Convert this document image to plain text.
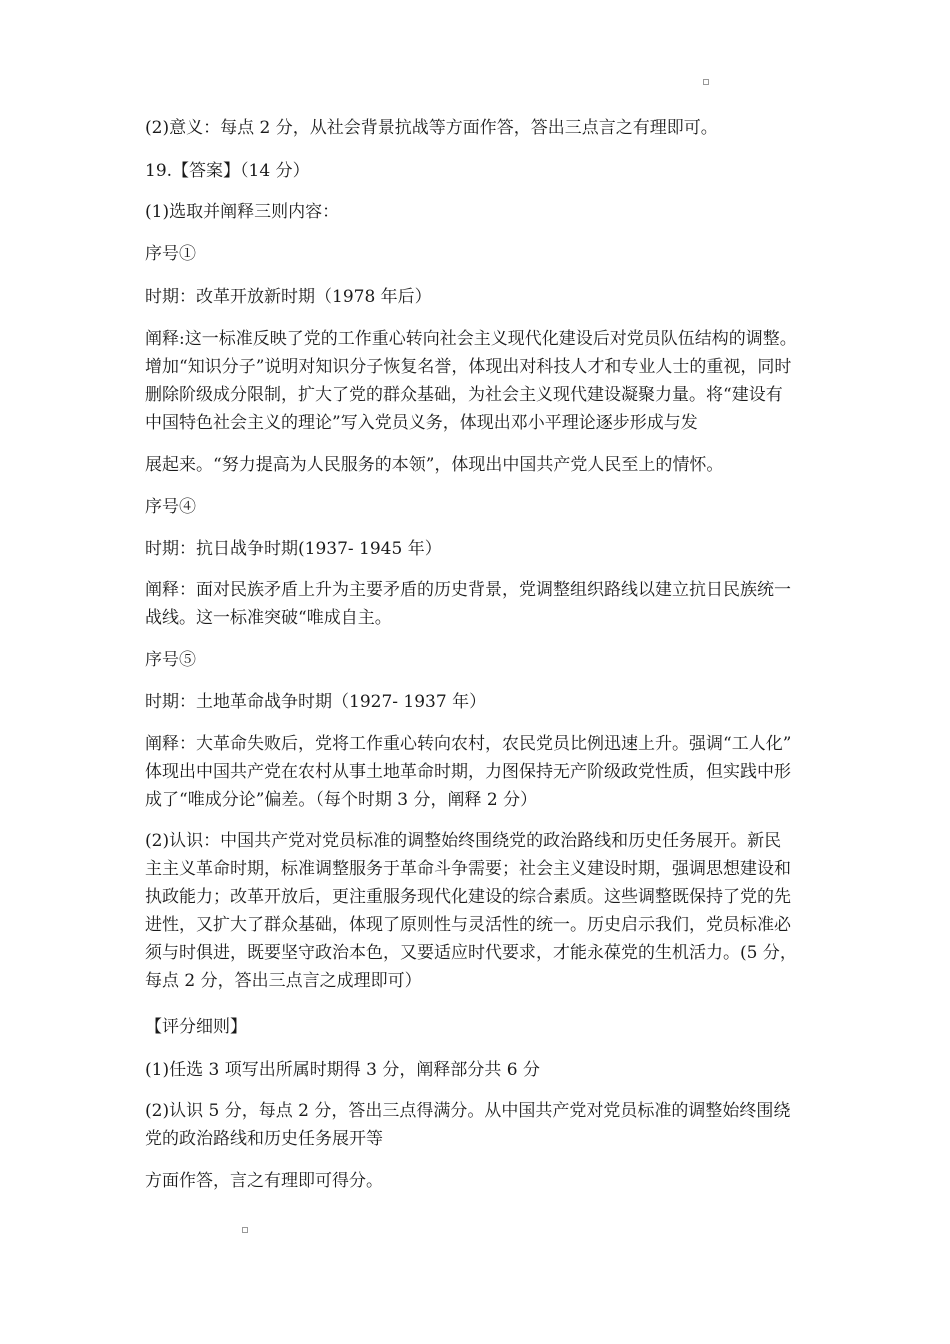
(2)意义：每点 2 分，从社会背景抗战等方面作答，答出三点言之有理即可。
19.【答案】（14 分）
(1)选取并阐释三则内容：
序号①
时期：改革开放新时期（1978 年后）
阐释:这一标准反映了党的工作重心转向社会主义现代化建设后对党员队伍结构的调整。
增加“知识分子”说明对知识分子恢复名誉，体现出对科技人才和专业人士的重视，同时
删除阶级成分限制，扩大了党的群众基础，为社会主义现代建设凝聚力量。将“建设有
中国特色社会主义的理论”写入党员义务，体现出邓小平理论逐步形成与发
展起来。“努力提高为人民服务的本领”，体现出中国共产党人民至上的情怀。
序号④
时期：抗日战争时期(1937- 1945 年）
阐释：面对民族矛盾上升为主要矛盾的历史背景，党调整组织路线以建立抗日民族统一
战线。这一标准突破“唯成自主。
序号⑤
时期：土地革命战争时期（1927- 1937 年）
阐释：大革命失败后，党将工作重心转向农村，农民党员比例迅速上升。强调“工人化”
体现出中国共产党在农村从事土地革命时期，力图保持无产阶级政党性质，但实践中形
成了“唯成分论”偏差。（每个时期 3 分，阐释 2 分）
(2)认识：中国共产党对党员标准的调整始终围绕党的政治路线和历史任务展开。新民
主主义革命时期，标准调整服务于革命斗争需要；社会主义建设时期，强调思想建设和
执政能力；改革开放后，更注重服务现代化建设的综合素质。这些调整既保持了党的先
进性，又扩大了群众基础，体现了原则性与灵活性的统一。历史启示我们，党员标准必
须与时俱进，既要坚守政治本色，又要适应时代要求，才能永葆党的生机活力。(5 分，
每点 2 分，答出三点言之成理即可）
【评分细则】
(1)任选 3 项写出所属时期得 3 分，阐释部分共 6 分
(2)认识 5 分，每点 2 分，答出三点得满分。从中国共产党对党员标准的调整始终围绕
党的政治路线和历史任务展开等
方面作答，言之有理即可得分。
